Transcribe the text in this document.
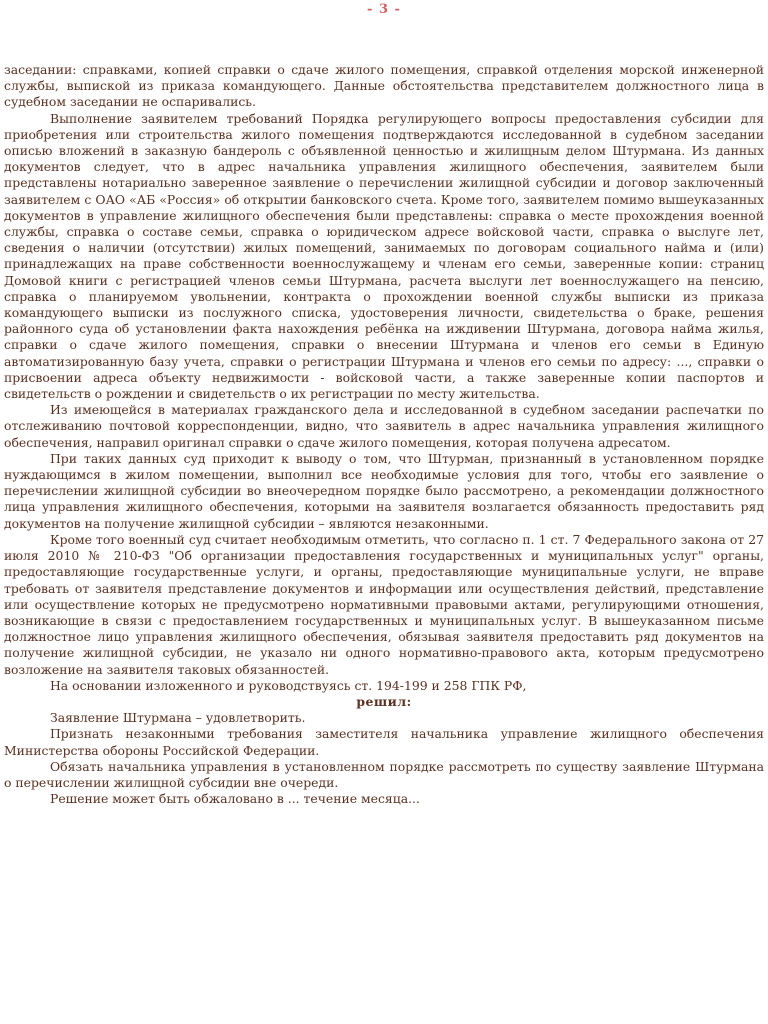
- 3 -

заседании: справками, копией справки о сдаче жилого помещения, справкой отделения морской инженерной службы, выпиской из приказа командующего. Данные обстоятельства представителем должностного лица в судебном заседании не оспаривались.

Выполнение заявителем требований Порядка регулирующего вопросы предоставления субсидии для приобретения или строительства жилого помещения подтверждаются исследованной в судебном заседании описью вложений в заказную бандероль с объявленной ценностью и жилищным делом Штурмана. Из данных документов следует, что в адрес начальника управления жилищного обеспечения, заявителем были представлены нотариально заверенное заявление о перечислении жилищной субсидии и договор заключенный заявителем с ОАО «АБ «Россия» об открытии банковского счета. Кроме того, заявителем помимо вышеуказанных документов в управление жилищного обеспечения были представлены: справка о месте прохождения военной службы, справка о составе семьи, справка о юридическом адресе войсковой части, справка о выслуге лет, сведения о наличии (отсутствии) жилых помещений, занимаемых по договорам социального найма и (или) принадлежащих на праве собственности военнослужащему и членам его семьи, заверенные копии: страниц Домовой книги с регистрацией членов семьи Штурмана, расчета выслуги лет военнослужащего на пенсию, справка о планируемом увольнении, контракта о прохождении военной службы выписки из приказа командующего выписки из послужного списка, удостоверения личности, свидетельства о браке, решения районного суда об установлении факта нахождения ребёнка на иждивении Штурмана, договора найма жилья, справки о сдаче жилого помещения, справки о внесении Штурмана и членов его семьи в Единую автоматизированную базу учета, справки о регистрации Штурмана и членов его семьи по адресу: ..., справки о присвоении адреса объекту недвижимости - войсковой части, а также заверенные копии паспортов и свидетельств о рождении и свидетельств о их регистрации по месту жительства.

Из имеющейся в материалах гражданского дела и исследованной в судебном заседании распечатки по отслеживанию почтовой корреспонденции, видно, что заявитель в адрес начальника управления жилищного обеспечения, направил оригинал справки о сдаче жилого помещения, которая получена адресатом.

При таких данных суд приходит к выводу о том, что Штурман, признанный в установленном порядке нуждающимся в жилом помещении, выполнил все необходимые условия для того, чтобы его заявление о перечислении жилищной субсидии во внеочередном порядке было рассмотрено, а рекомендации должностного лица управления жилищного обеспечения, которыми на заявителя возлагается обязанность предоставить ряд документов на получение жилищной субсидии – являются незаконными.

Кроме того военный суд считает необходимым отметить, что согласно п. 1 ст. 7 Федерального закона от 27 июля 2010 № 210-ФЗ "Об организации предоставления государственных и муниципальных услуг" органы, предоставляющие государственные услуги, и органы, предоставляющие муниципальные услуги, не вправе требовать от заявителя представление документов и информации или осуществления действий, представление или осуществление которых не предусмотрено нормативными правовыми актами, регулирующими отношения, возникающие в связи с предоставлением государственных и муниципальных услуг. В вышеуказанном письме должностное лицо управления жилищного обеспечения, обязывая заявителя предоставить ряд документов на получение жилищной субсидии, не указало ни одного нормативно-правового акта, которым предусмотрено возложение на заявителя таковых обязанностей.

На основании изложенного и руководствуясь ст. 194-199 и 258 ГПК РФ,

решил:

Заявление Штурмана – удовлетворить.

Признать незаконными требования заместителя начальника управление жилищного обеспечения Министерства обороны Российской Федерации.

Обязать начальника управления в установленном порядке рассмотреть по существу заявление Штурмана о перечислении жилищной субсидии вне очереди.

Решение может быть обжаловано в ... течение месяца...
